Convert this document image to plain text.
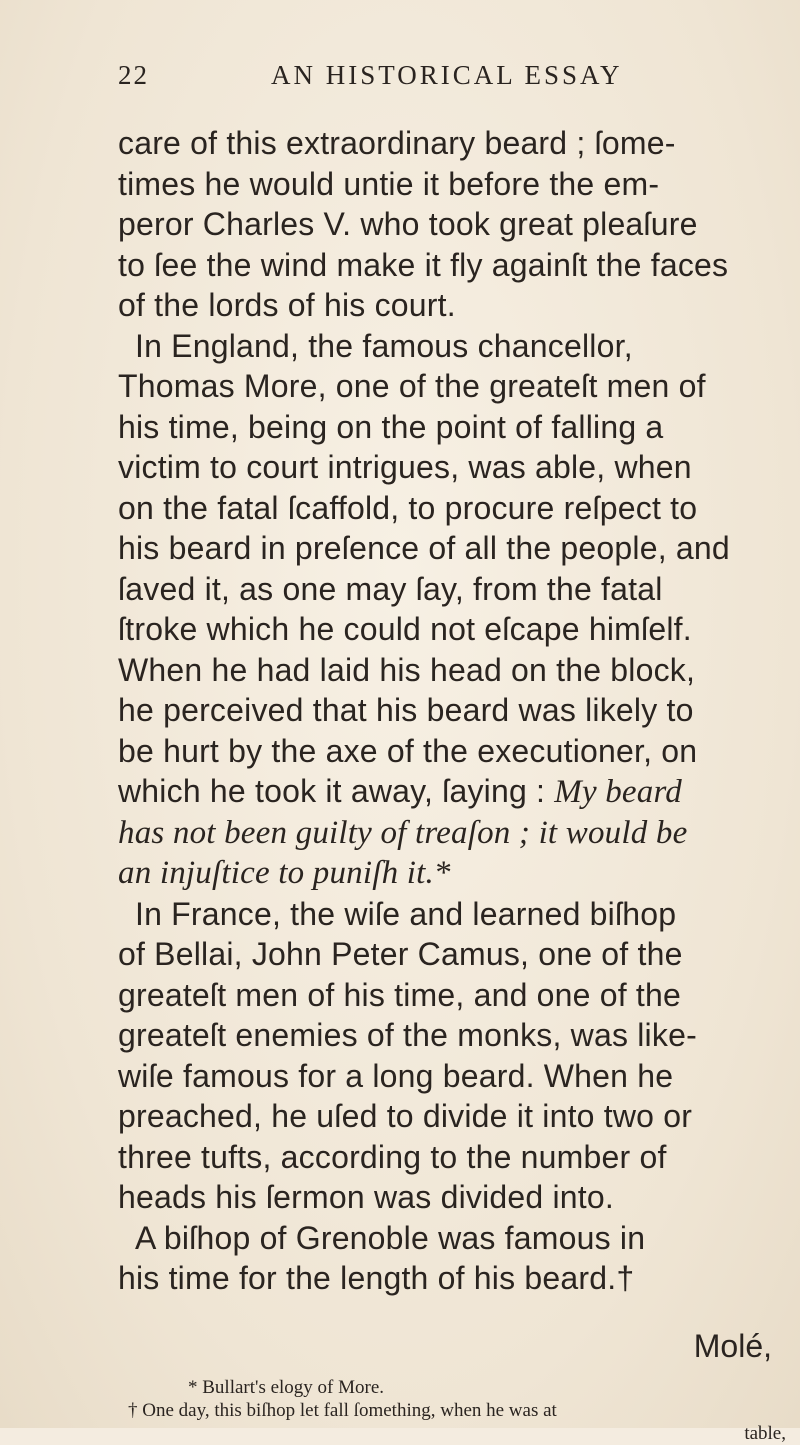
22	AN HISTORICAL ESSAY
care of this extraordinary beard ; ſome-
times he would untie it before the em-
peror Charles V. who took great pleaſure
to ſee the wind make it fly againſt the faces
of the lords of his court.
In England, the famous chancellor,
Thomas More, one of the greateſt men of
his time, being on the point of falling a
victim to court intrigues, was able, when
on the fatal ſcaffold, to procure reſpect to
his beard in preſence of all the people, and
ſaved it, as one may ſay, from the fatal
ſtroke which he could not eſcape himſelf.
When he had laid his head on the block,
he perceived that his beard was likely to
be hurt by the axe of the executioner, on
which he took it away, ſaying : My beard
has not been guilty of treaſon ; it would be
an injuſtice to puniſh it.*
In France, the wiſe and learned biſhop
of Bellai, John Peter Camus, one of the
greateſt men of his time, and one of the
greateſt enemies of the monks, was like-
wiſe famous for a long beard. When he
preached, he uſed to divide it into two or
three tufts, according to the number of
heads his ſermon was divided into.
A biſhop of Grenoble was famous in
his time for the length of his beard.†
Molé,
* Bullart's elogy of More.
† One day, this biſhop let fall ſomething, when he was at
table,
